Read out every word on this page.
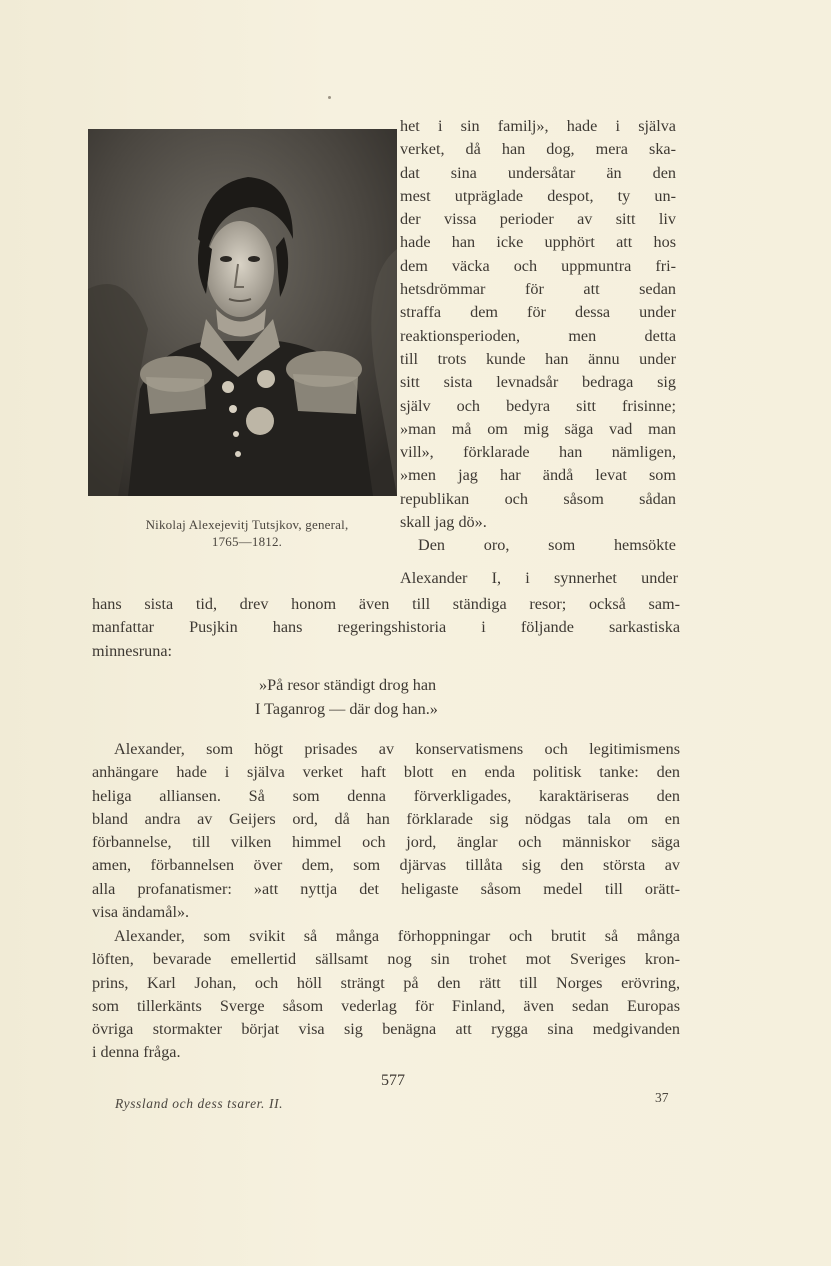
Nikolaj Alexejevitj Tutsjkov, general,
1765—1812.
het i sin familj», hade i själva
verket, då han dog, mera ska-
dat sina undersåtar än den
mest utpräglade despot, ty un-
der vissa perioder av sitt liv
hade han icke upphört att hos
dem väcka och uppmuntra fri-
hetsdrömmar för att sedan
straffa dem för dessa under
reaktionsperioden, men detta
till trots kunde han ännu under
sitt sista levnadsår bedraga sig
själv och bedyra sitt frisinne;
»man må om mig säga vad man
vill», förklarade han nämligen,
»men jag har ändå levat som
republikan och såsom sådan
skall jag dö».
Den oro, som hemsökte
Alexander I, i synnerhet under
hans sista tid, drev honom även till ständiga resor; också sam-
manfattar Pusjkin hans regeringshistoria i följande sarkastiska
minnesruna:
»På resor ständigt drog han
I Taganrog — där dog han.»
Alexander, som högt prisades av konservatismens och legitimismens
anhängare hade i själva verket haft blott en enda politisk tanke: den
heliga alliansen. Så som denna förverkligades, karaktäriseras den
bland andra av Geijers ord, då han förklarade sig nödgas tala om en
förbannelse, till vilken himmel och jord, änglar och människor säga
amen, förbannelsen över dem, som djärvas tillåta sig den största av
alla profanatismer: »att nyttja det heligaste såsom medel till orätt-
visa ändamål».
Alexander, som svikit så många förhoppningar och brutit så många
löften, bevarade emellertid sällsamt nog sin trohet mot Sveriges kron-
prins, Karl Johan, och höll strängt på den rätt till Norges erövring,
som tillerkänts Sverge såsom vederlag för Finland, även sedan Europas
övriga stormakter börjat visa sig benägna att rygga sina medgivanden
i denna fråga.
577
Ryssland och dess tsarer. II.	37
